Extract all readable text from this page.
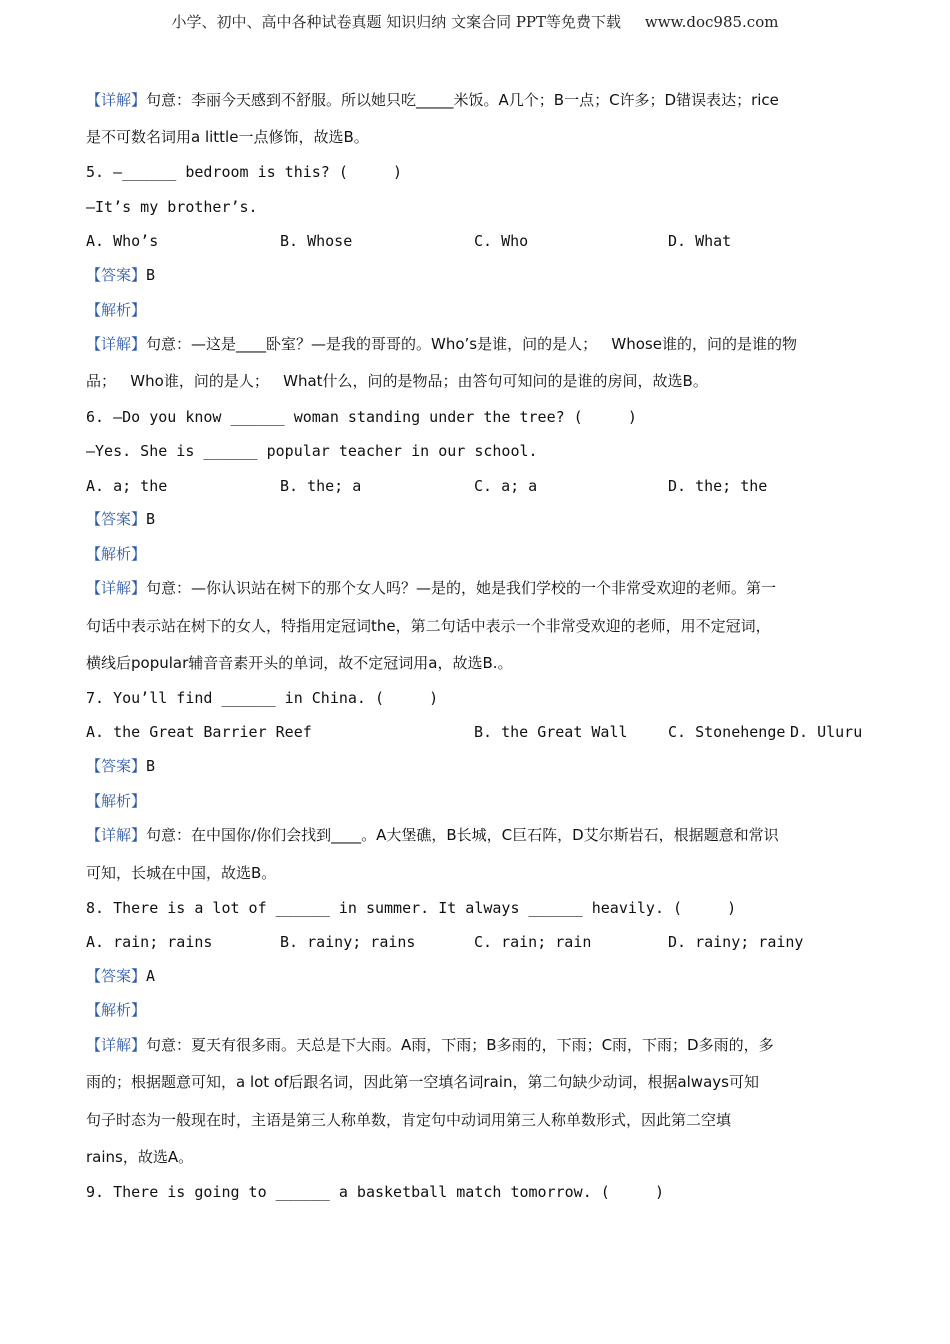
小学、初中、高中各种试卷真题 知识归纳 文案合同 PPT等免费下载     www.doc985.com
【详解】句意：李丽今天感到不舒服。所以她只吃_____米饭。A几个；B一点；C许多；D错误表达；rice
是不可数名词用a little一点修饰，故选B。
5. —______ bedroom is this? (     )
—It’s my brother’s.
A. Who’s	B. Whose	C. Who	D. What
【答案】B
【解析】
【详解】句意：—这是____卧室？—是我的哥哥的。Who’s是谁，问的是人；   Whose谁的，问的是谁的物
品；   Who谁，问的是人；   What什么，问的是物品；由答句可知问的是谁的房间，故选B。
6. —Do you know ______ woman standing under the tree? (     )
—Yes. She is ______ popular teacher in our school.
A. a; the	B. the; a	C. a; a	D. the; the
【答案】B
【解析】
【详解】句意：—你认识站在树下的那个女人吗？—是的，她是我们学校的一个非常受欢迎的老师。第一
句话中表示站在树下的女人，特指用定冠词the，第二句话中表示一个非常受欢迎的老师，用不定冠词，
横线后popular辅音音素开头的单词，故不定冠词用a，故选B.。
7. You’ll find ______ in China. (     )
A. the Great Barrier Reef	B. the Great Wall	C. Stonehenge D. Uluru
【答案】B
【解析】
【详解】句意：在中国你/你们会找到____。A大堡礁，B长城，C巨石阵，D艾尔斯岩石，根据题意和常识
可知，长城在中国，故选B。
8. There is a lot of ______ in summer. It always ______ heavily. (     )
A. rain; rains	B. rainy; rains	C. rain; rain	D. rainy; rainy
【答案】A
【解析】
【详解】句意：夏天有很多雨。天总是下大雨。A雨，下雨；B多雨的，下雨；C雨，下雨；D多雨的，多
雨的；根据题意可知，a lot of后跟名词，因此第一空填名词rain，第二句缺少动词，根据always可知
句子时态为一般现在时，主语是第三人称单数，肯定句中动词用第三人称单数形式，因此第二空填
rains，故选A。
9. There is going to ______ a basketball match tomorrow. (     )
